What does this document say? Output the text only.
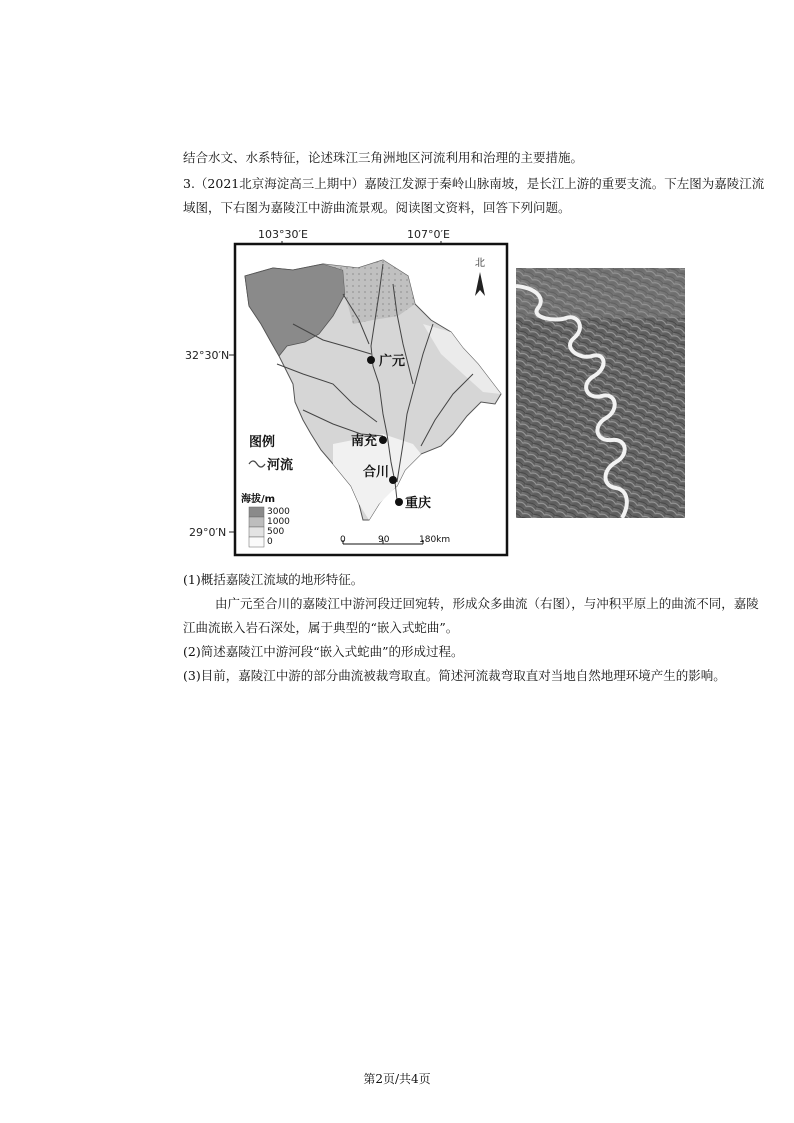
结合水文、水系特征，论述珠江三角洲地区河流利用和治理的主要措施。
3.（2021北京海淀高三上期中）嘉陵江发源于秦岭山脉南坡，是长江上游的重要支流。下左图为嘉陵江流
域图，下右图为嘉陵江中游曲流景观。阅读图文资料，回答下列问题。
103°30′E	107°0′E
32°30′N
29°0′N
北
广元
南充
合川
重庆
图例
河流
海拔/m
3000
1000
500
0	0	90	180km
(1)概括嘉陵江流域的地形特征。
由广元至合川的嘉陵江中游河段迂回宛转，形成众多曲流（右图），与冲积平原上的曲流不同，嘉陵
江曲流嵌入岩石深处，属于典型的“嵌入式蛇曲”。
(2)简述嘉陵江中游河段“嵌入式蛇曲”的形成过程。
(3)目前，嘉陵江中游的部分曲流被裁弯取直。简述河流裁弯取直对当地自然地理环境产生的影响。
第2页/共4页
